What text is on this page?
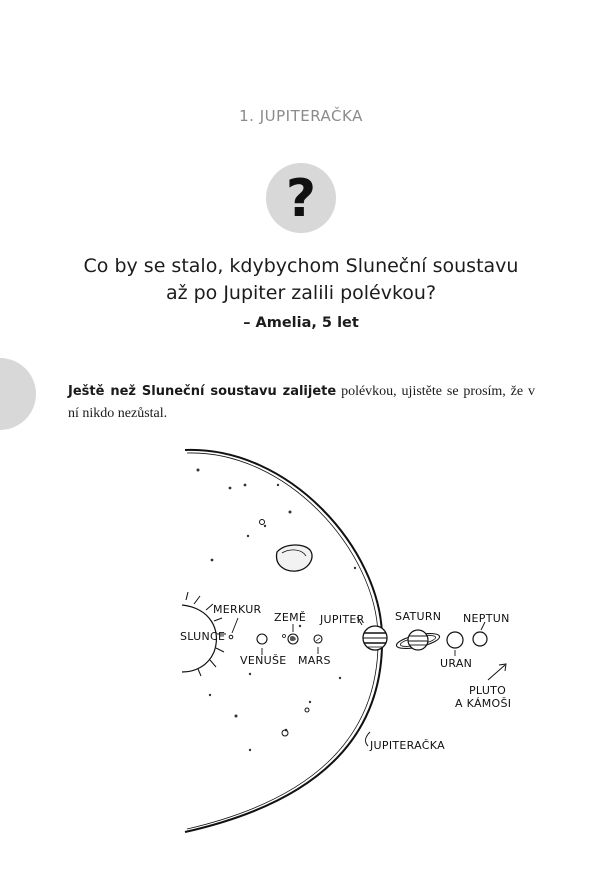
1. JUPITERAČKA
?
Co by se stalo, kdybychom Sluneční soustavu
až po Jupiter zalili polévkou?
– Amelia, 5 let
Ještě než Sluneční soustavu zalijete polévkou, ujistěte se prosím, že v ní nikdo nezůstal.
SLUNCE
MERKUR
VENUŠE
ZEMĚ
MARS
JUPITER	SATURN
URAN
NEPTUN
PLUTO
A KÁMOŠI
JUPITERAČKA
